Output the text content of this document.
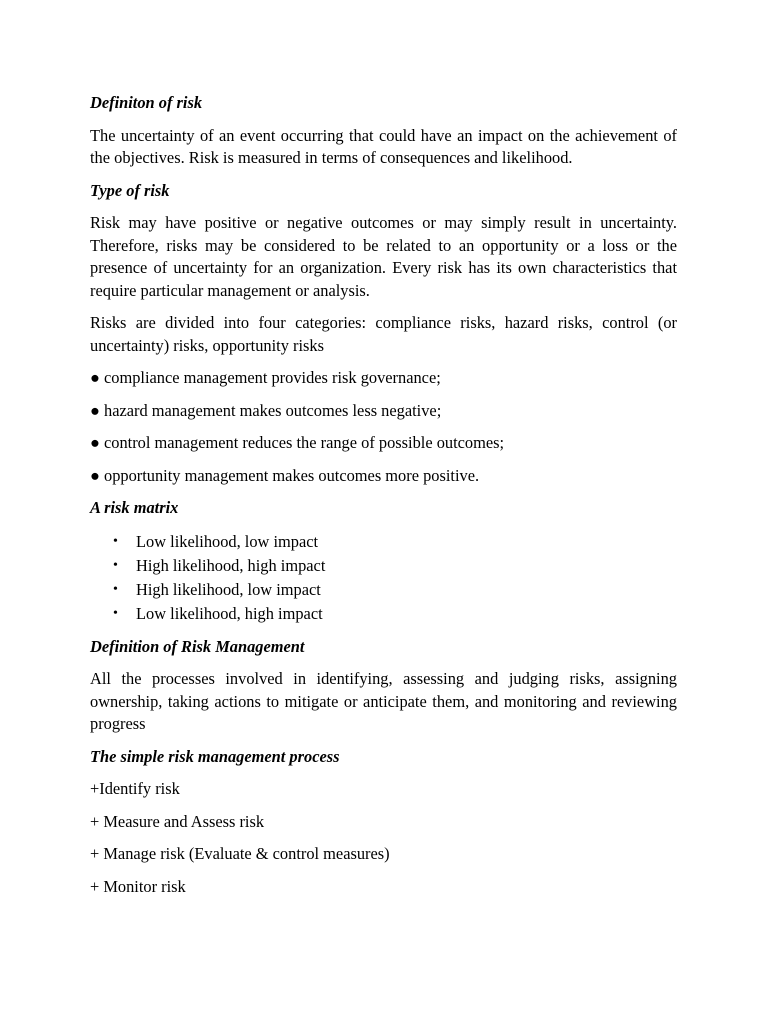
Definiton of risk
The uncertainty of an event occurring that could have an impact on the achievement of the objectives. Risk is measured in terms of consequences and likelihood.
Type of risk
Risk may have positive or negative outcomes or may simply result in uncertainty. Therefore, risks may be considered to be related to an opportunity or a loss or the presence of uncertainty for an organization. Every risk has its own characteristics that require particular management or analysis.
Risks are divided into four categories: compliance risks, hazard risks, control (or uncertainty) risks, opportunity risks
● compliance management provides risk governance;
● hazard management makes outcomes less negative;
● control management reduces the range of possible outcomes;
● opportunity management makes outcomes more positive.
A risk matrix
• Low likelihood, low impact
• High likelihood, high impact
• High likelihood, low impact
• Low likelihood, high impact
Definition of Risk Management
All the processes involved in identifying, assessing and judging risks, assigning ownership, taking actions to mitigate or anticipate them, and monitoring and reviewing progress
The simple risk management process
+Identify risk
+ Measure and Assess risk
+ Manage risk (Evaluate & control measures)
+ Monitor risk
